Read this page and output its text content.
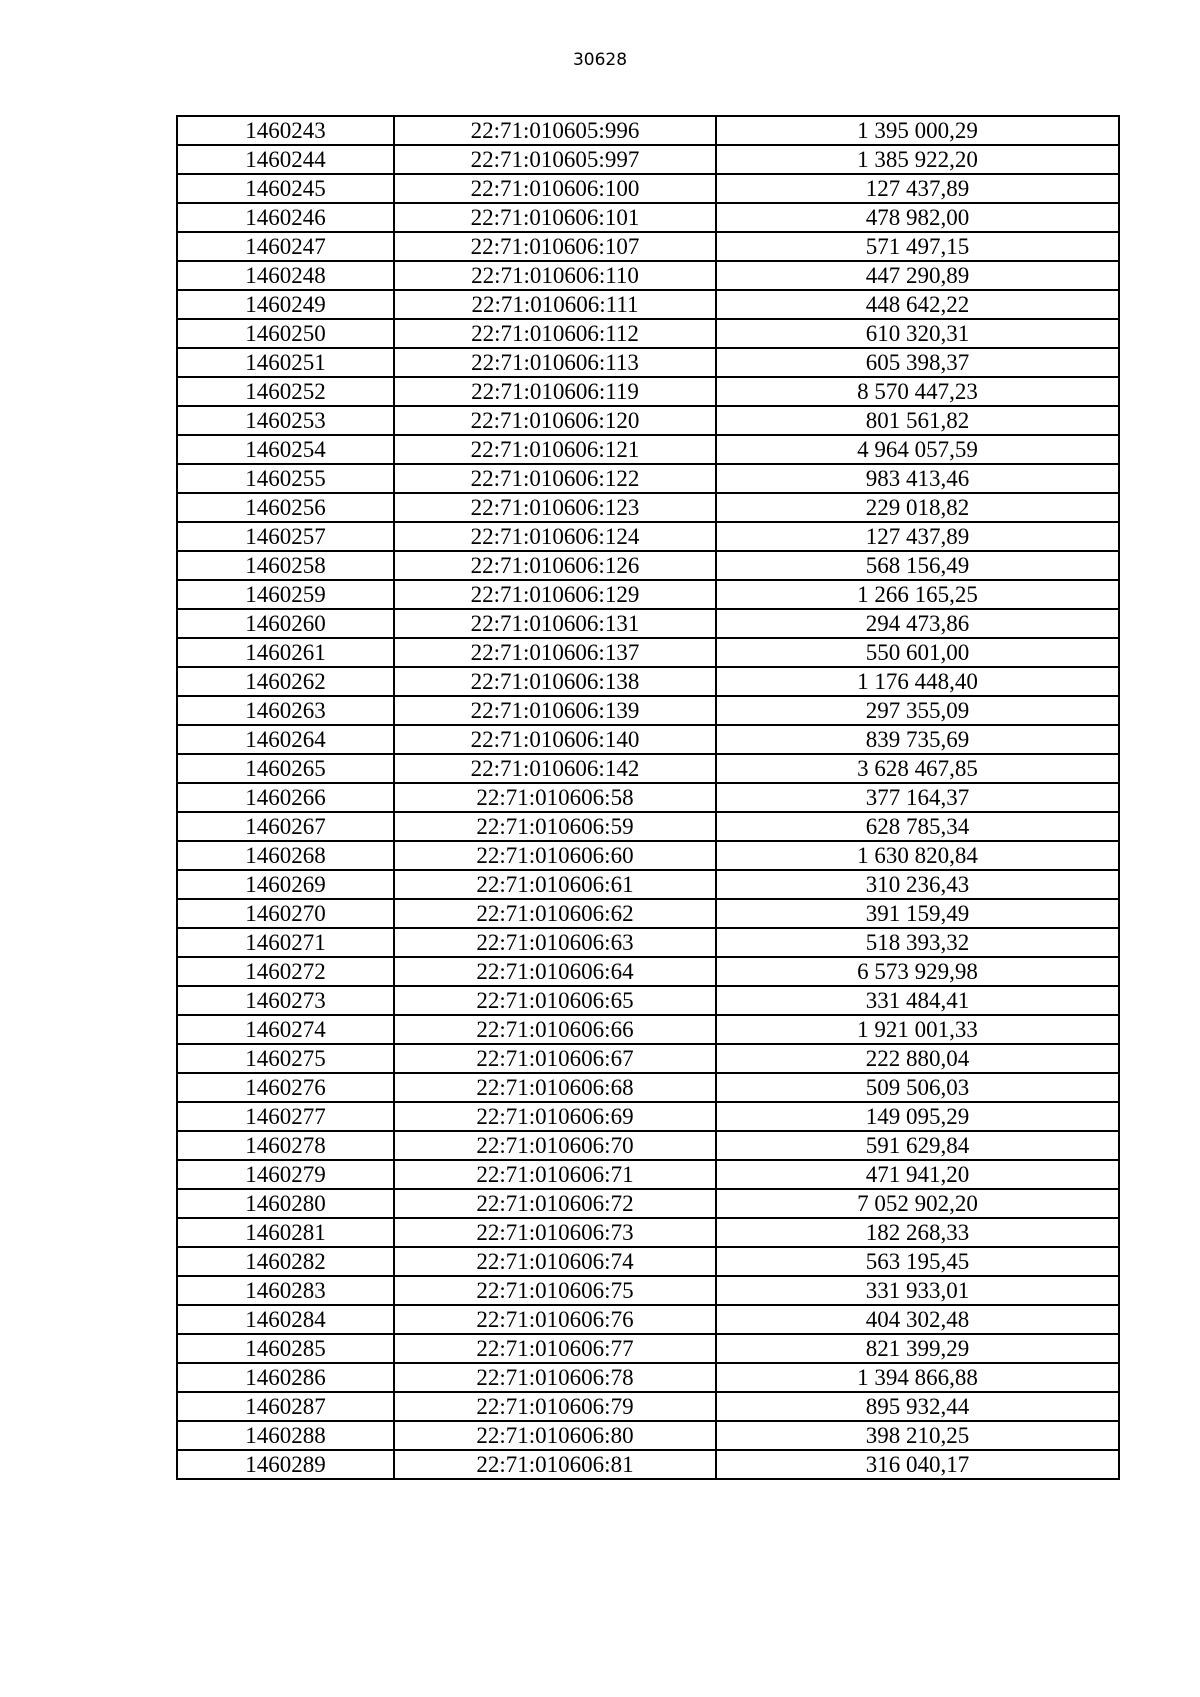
30628
1460243	22:71:010605:996	1 395 000,29
1460244	22:71:010605:997	1 385 922,20
1460245	22:71:010606:100	127 437,89
1460246	22:71:010606:101	478 982,00
1460247	22:71:010606:107	571 497,15
1460248	22:71:010606:110	447 290,89
1460249	22:71:010606:111	448 642,22
1460250	22:71:010606:112	610 320,31
1460251	22:71:010606:113	605 398,37
1460252	22:71:010606:119	8 570 447,23
1460253	22:71:010606:120	801 561,82
1460254	22:71:010606:121	4 964 057,59
1460255	22:71:010606:122	983 413,46
1460256	22:71:010606:123	229 018,82
1460257	22:71:010606:124	127 437,89
1460258	22:71:010606:126	568 156,49
1460259	22:71:010606:129	1 266 165,25
1460260	22:71:010606:131	294 473,86
1460261	22:71:010606:137	550 601,00
1460262	22:71:010606:138	1 176 448,40
1460263	22:71:010606:139	297 355,09
1460264	22:71:010606:140	839 735,69
1460265	22:71:010606:142	3 628 467,85
1460266	22:71:010606:58	377 164,37
1460267	22:71:010606:59	628 785,34
1460268	22:71:010606:60	1 630 820,84
1460269	22:71:010606:61	310 236,43
1460270	22:71:010606:62	391 159,49
1460271	22:71:010606:63	518 393,32
1460272	22:71:010606:64	6 573 929,98
1460273	22:71:010606:65	331 484,41
1460274	22:71:010606:66	1 921 001,33
1460275	22:71:010606:67	222 880,04
1460276	22:71:010606:68	509 506,03
1460277	22:71:010606:69	149 095,29
1460278	22:71:010606:70	591 629,84
1460279	22:71:010606:71	471 941,20
1460280	22:71:010606:72	7 052 902,20
1460281	22:71:010606:73	182 268,33
1460282	22:71:010606:74	563 195,45
1460283	22:71:010606:75	331 933,01
1460284	22:71:010606:76	404 302,48
1460285	22:71:010606:77	821 399,29
1460286	22:71:010606:78	1 394 866,88
1460287	22:71:010606:79	895 932,44
1460288	22:71:010606:80	398 210,25
1460289	22:71:010606:81	316 040,17
